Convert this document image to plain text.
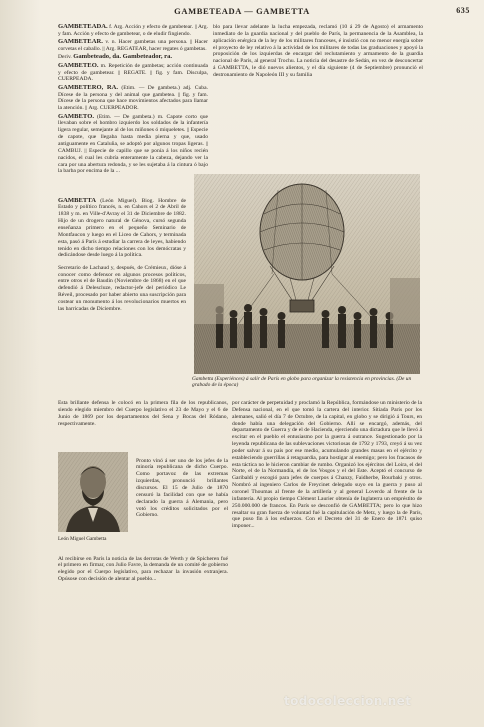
GAMBETEADA — GAMBETTA	635

GAMBETEADA. f. Arg. Acción y efecto de gambetear. || Arg. y fam. Acción y efecto de gambetear, o de eludir fingiendo.

GAMBETEAR. v. n. Hacer gambetas una persona. || Hacer corvetas el caballo. || Arg. REGATEAR, hacer regates ó gambetas.

Deriv. Gambeteado, da. Gambeteador, ra.

GAMBETEO. m. Repetición de gambetas; acción continuada y efecto de gambetear. || REGATE. || fig. y fam. Disculpa, CUERPEADA.

GAMBETERO, RA. (Etim. — De gambeta.) adj. Cuba. Dícese de la persona y del animal que gambetea. || fig. y fam. Dícese de la persona que hace movimientos afectados para llamar la atención. || Arg. CUERPEADOR.

GAMBETO. (Etim. — De gambeta.) m. Capote corto que llevaban sobre el hombro izquierdo los soldados de la infantería ligera regular, semejante al de los miñones ó miqueletes. || Especie de capote, que llegaba hasta media pierna y que, usado antiguamente en Cataluña, se adoptó por algunos tropas ligeras. || CAMBUJ. || Especie de capillo que se ponía á los niños recién nacidos, el cual les cubría enteramente la cabeza, dejando ver la cara por una abertura redonda, y se les sujetaba á la cintura ó bajo la barba por encima de la ...

blo para llevar adelante la lucha empezada, reclamó (10 á 29 de Agosto) el armamento inmediato de la guardia nacional y del pueblo de París, la permanencia de la Asamblea, la aplicación enérgica de la ley de los militares franceses, é insistió con no menor energía sobre el proyecto de ley relativo á la actividad de los militares de todas las graduaciones y apoyó la proposición de los izquierdas de encargar del reclutamiento y armamento de la guardia nacional de París, al general Trochu. La noticia del desastre de Sedán, en vez de desconcertar á GAMBETTA, le dió nuevos alientos, y el día siguiente (4 de Septiembre) pronunció el destronamiento de Napoleón III y su familia

GAMBETTA (León Miguel). Biog. Hombre de Estado y político francés, n. en Cahors el 2 de Abril de 1838 y m. en Ville-d'Avray el 31 de Diciembre de 1882. Hijo de un drogero natural de Génova, cursó segunda enseñanza primero en el pequeño Seminario de Montfaucon y luego en el Liceo de Cahors, y terminada esta, pasó á París á estudiar la carrera de leyes, habiendo tenido en dicho tiempo relaciones con los demócratas y dedicándose desde luego á la política.

Secretario de Lachaud y, después, de Crémieux, dióse á conocer como defensor en algunos procesos políticos, entre otros el de Baudin (Noviembre de 1868) en el que defendió á Delescluze, redactor-jefe del periódico Le Réveil, procesado por haber abierto una suscripción para costear un monumento á los revolucionarios muertos en las barricadas de Diciembre.

Gambetta (Experiénces) á salir de París en globo para organizar la resistencia en provincias. (De un grabado de la época)

Esta brillante defensa le colocó en la primera fila de los republicanos, siendo elegido miembro del Cuerpo legislativo el 23 de Mayo y el 6 de Junio de 1869 por los departamentos del Sena y Bocas del Ródano, respectivamente.

por carácter de perpetuidad y proclamó la República, formándose un ministerio de la Defensa nacional, en el que tomó la cartera del interior. Sitiada París por los alemanes, salió el día 7 de Octubre, de la capital, en globo y se dirigió á Tours, en donde había una delegación del Gobierno. Allí se encargó, además, del departamento de Guerra y de el de Hacienda, ejerciendo una dictadura que le llevó á excitar en el pueblo el entusiasmo por la guerra á outrance. Sugestionado por la leyenda republicana de las sublevaciones victoriosas de 1792 y 1793, creyó á su vez poder salvar á su país por ese medio, acumulando grandes masas en el ejército y estableciendo guerrillas á retaguardia, para hostigar al enemigo; pero los fracasos de esta táctica no le hicieron cambiar de rumbo. Organizó los ejércitos del Loira, el del Norte, el de la Normandía, el de los Vosgos y el del Este. Aceptó el concurso de Garibaldi y escogió para jefes de cuerpos á Chanzy, Faidherbe, Bourbaki y otros. Nombró al ingeniero Carlos de Freycinet delegado suyo en la guerra y puso al coronel Thoumas al frente de la artillería y al general Loverdo al frente de la infantería. Al propio tiempo Clément Laurier obtenía de Inglaterra un empréstito de 250.000.000 de francos. En París se desconfió de GAMBETTA; pero lo que hizo resaltar su gran fuerza de voluntad fué la capitulación de Metz, y luego la de París, que puso fin á los esfuerzos. Con el Decreto del 31 de Enero de 1871 quiso imponer...

León Miguel Gambetta

Pronto vinó á ser uno de los jefes de la minoría republicana de dicho Cuerpo. Como portavoz de las extremas izquierdas, pronunció brillantes discursos. El 15 de Julio de 1870 censuró la facilidad con que se había declarado la guerra á Alemania, pero votó los créditos solicitados por el Gobierno.

Al recibirse en París la noticia de las derrotas de Werth y de Spicheren fué el primero en firmar, con Julio Favre, la demanda de un comité de gobierno elegido por el Cuerpo legislativo, para rechazar la invasión extranjera. Opúsose con decisión de alentar al pueblo...

todocoleccion.net
